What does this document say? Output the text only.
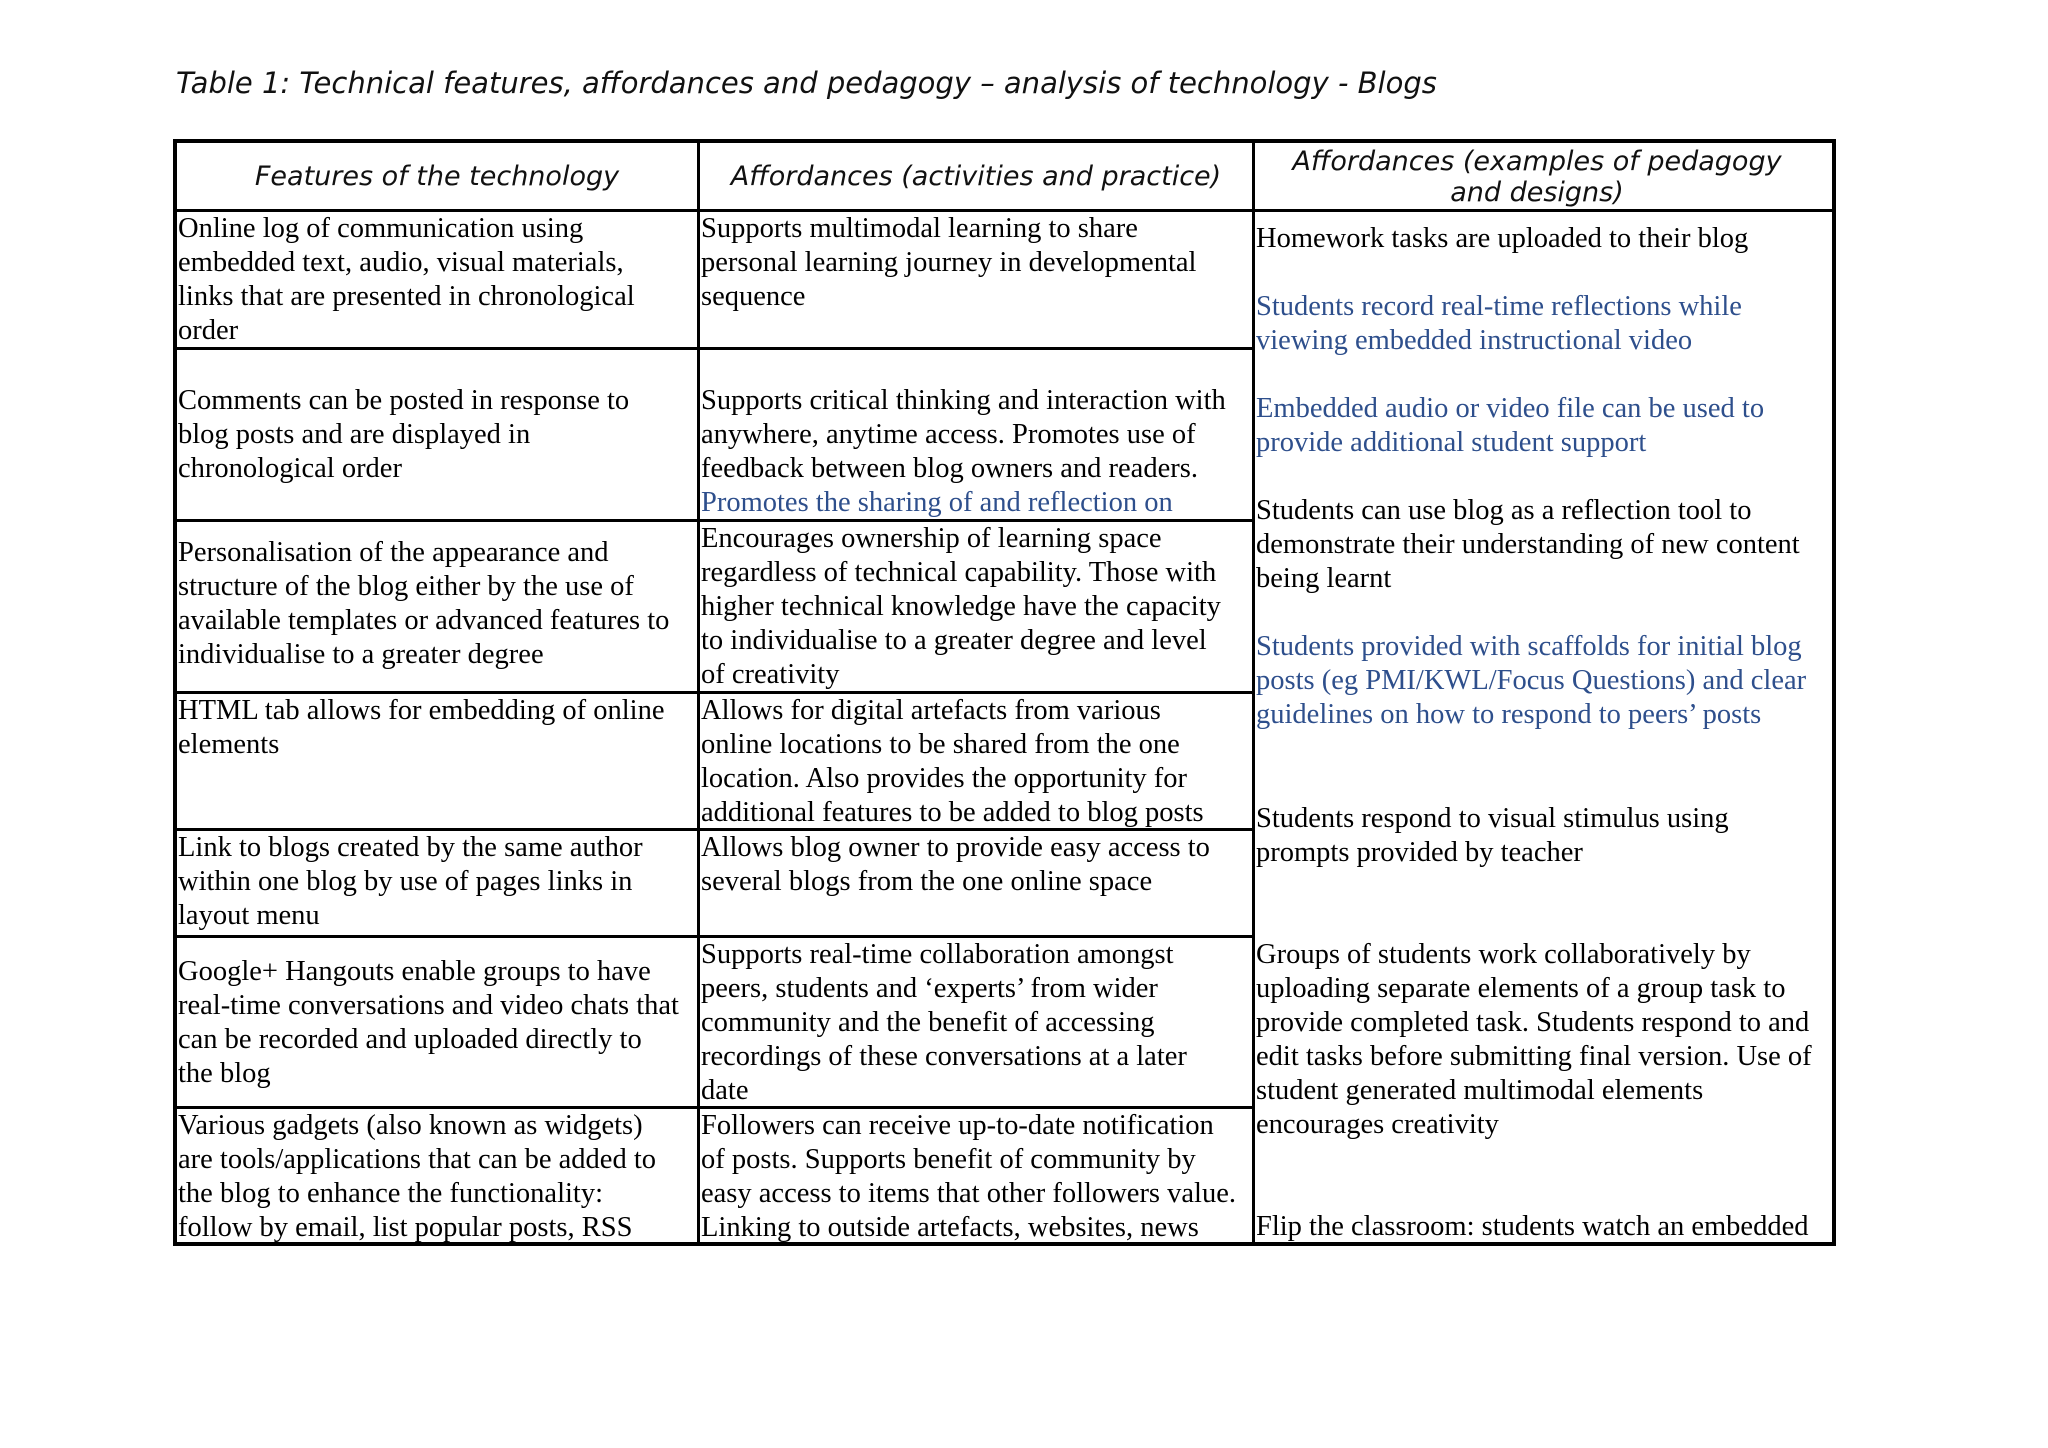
Table 1: Technical features, affordances and pedagogy – analysis of technology - Blogs
Features of the technology	Affordances (activities and practice)	Affordances (examples of pedagogy and designs)
Online log of communication using
embedded text, audio, visual materials,
links that are presented in chronological
order
Supports multimodal learning to share
personal learning journey in developmental
sequence
Comments can be posted in response to
blog posts and are displayed in
chronological order

Supports critical thinking and interaction with
anywhere, anytime access. Promotes use of
feedback between blog owners and readers.
Promotes the sharing of and reflection on

Personalisation of the appearance and
structure of the blog either by the use of
available templates or advanced features to
individualise to a greater degree
Encourages ownership of learning space
regardless of technical capability. Those with
higher technical knowledge have the capacity
to individualise to a greater degree and level
of creativity
HTML tab allows for embedding of online
elements
Allows for digital artefacts from various
online locations to be shared from the one
location. Also provides the opportunity for
additional features to be added to blog posts
Link to blogs created by the same author
within one blog by use of pages links in
layout menu
Allows blog owner to provide easy access to
several blogs from the one online space
Google+ Hangouts enable groups to have
real-time conversations and video chats that
can be recorded and uploaded directly to
the blog
Supports real-time collaboration amongst
peers, students and ‘experts’ from wider
community and the benefit of accessing
recordings of these conversations at a later
date
Various gadgets (also known as widgets)
are tools/applications that can be added to
the blog to enhance the functionality:
follow by email, list popular posts, RSS
Followers can receive up-to-date notification
of posts. Supports benefit of community by
easy access to items that other followers value.
Linking to outside artefacts, websites, news

Homework tasks are uploaded to their blog

Students record real-time reflections while
viewing embedded instructional video

Embedded audio or video file can be used to
provide additional student support

Students can use blog as a reflection tool to
demonstrate their understanding of new content
being learnt

Students provided with scaffolds for initial blog
posts (eg PMI/KWL/Focus Questions) and clear
guidelines on how to respond to peers’ posts

Students respond to visual stimulus using
prompts provided by teacher

Groups of students work collaboratively by
uploading separate elements of a group task to
provide completed task. Students respond to and
edit tasks before submitting final version. Use of
student generated multimodal elements
encourages creativity

Flip the classroom: students watch an embedded
